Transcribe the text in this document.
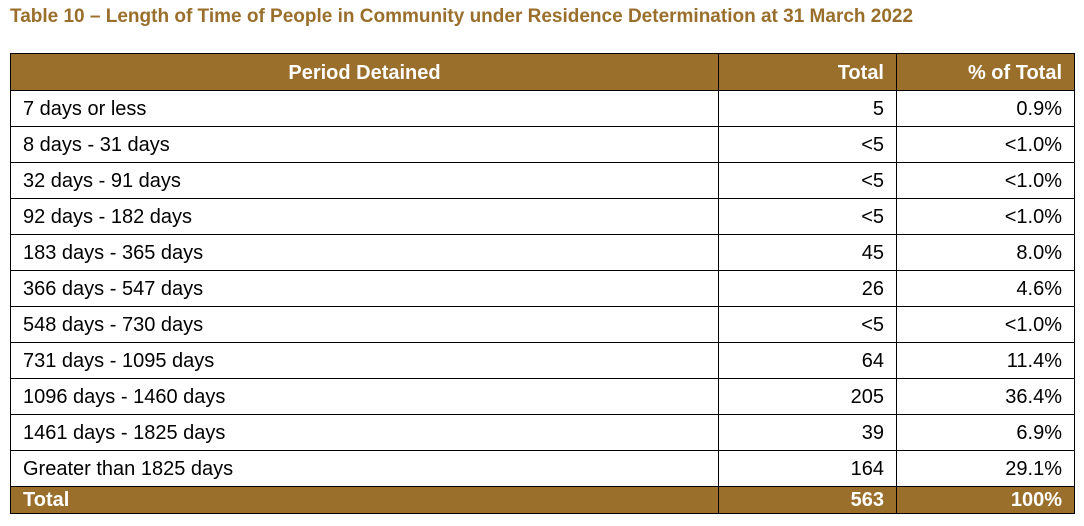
Table 10 – Length of Time of People in Community under Residence Determination at 31 March 2022
Period Detained	Total	% of Total
7 days or less	5	0.9%
8 days - 31 days	<5	<1.0%
32 days - 91 days	<5	<1.0%
92 days - 182 days	<5	<1.0%
183 days - 365 days	45	8.0%
366 days - 547 days	26	4.6%
548 days - 730 days	<5	<1.0%
731 days - 1095 days	64	11.4%
1096 days - 1460 days	205	36.4%
1461 days - 1825 days	39	6.9%
Greater than 1825 days	164	29.1%
Total	563	100%
